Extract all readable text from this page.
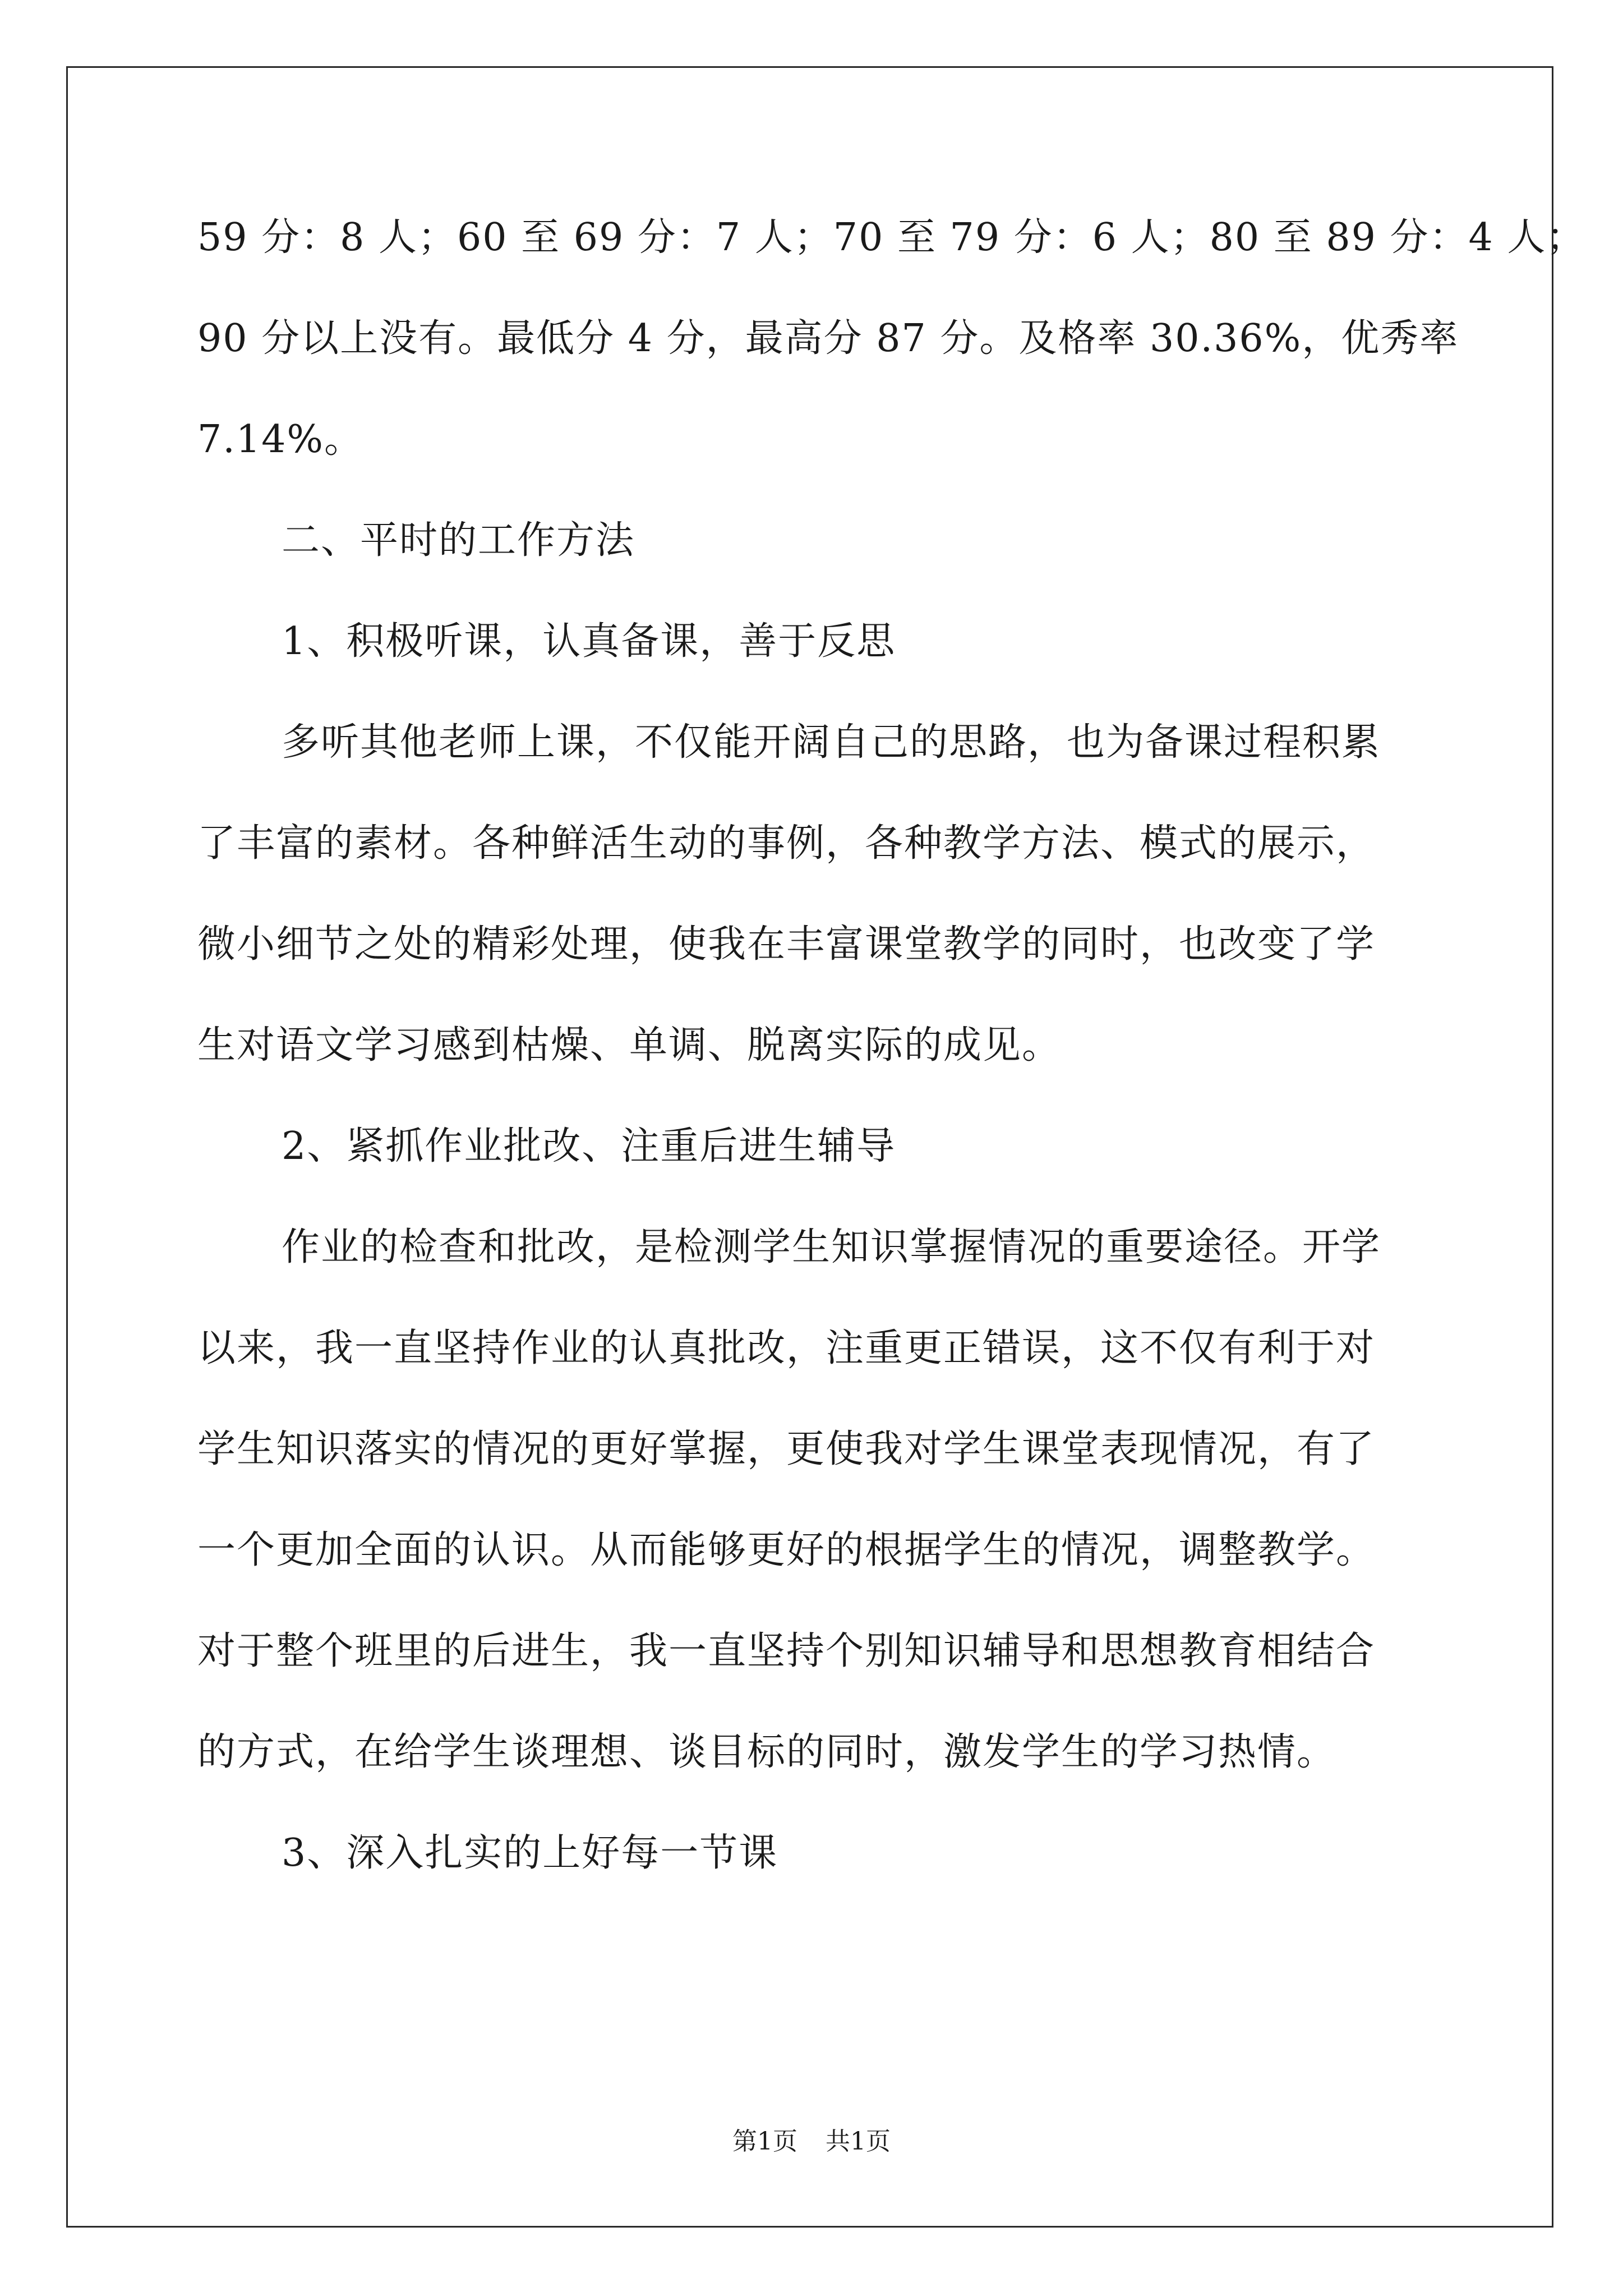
59 分：8 人；60 至 69 分：7 人；70 至 79 分：6 人；80 至 89 分：4 人；
90 分以上没有。最低分 4 分，最高分 87 分。及格率 30.36%，优秀率
7.14%。
二、平时的工作方法
1、积极听课，认真备课，善于反思
多听其他老师上课，不仅能开阔自己的思路，也为备课过程积累
了丰富的素材。各种鲜活生动的事例，各种教学方法、模式的展示，
微小细节之处的精彩处理，使我在丰富课堂教学的同时，也改变了学
生对语文学习感到枯燥、单调、脱离实际的成见。
2、紧抓作业批改、注重后进生辅导
作业的检查和批改，是检测学生知识掌握情况的重要途径。开学
以来，我一直坚持作业的认真批改，注重更正错误，这不仅有利于对
学生知识落实的情况的更好掌握，更使我对学生课堂表现情况，有了
一个更加全面的认识。从而能够更好的根据学生的情况，调整教学。
对于整个班里的后进生，我一直坚持个别知识辅导和思想教育相结合
的方式，在给学生谈理想、谈目标的同时，激发学生的学习热情。
3、深入扎实的上好每一节课
第1页 共1页
